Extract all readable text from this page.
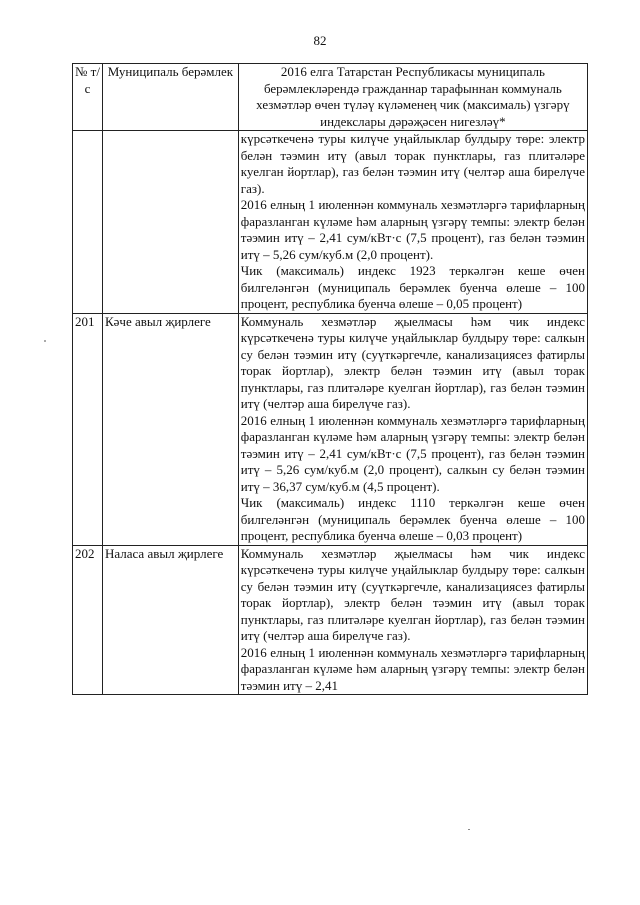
82
№ т/с	Муниципаль берәмлек	2016 елга Татарстан Республикасы муниципаль берәмлекләрендә гражданнар тарафыннан коммуналь хезмәтләр өчен түләү күләменең чик (максималь) үзгәрү индекслары дәрәҗәсен нигезләү*

		күрсәткеченә туры килүче уңайлыклар булдыру төре: электр белән тәэмин итү (авыл торак пунктлары, газ плитәләре куелган йортлар), газ белән тәэмин итү (челтәр аша бирелүче газ).

2016 елның 1 июленнән коммуналь хезмәтләргә тарифларның фаразланган күләме һәм аларның үзгәрү темпы: электр белән тәэмин итү – 2,41 сум/кВт·с (7,5 процент), газ белән тәэмин итү – 5,26 сум/куб.м (2,0 процент).

Чик (максималь) индекс 1923 теркәлгән кеше өчен билгеләнгән (муниципаль берәмлек буенча өлеше – 100 процент, республика буенча өлеше – 0,05 процент)

201	Кәче авыл җирлеге	Коммуналь хезмәтләр җыелмасы һәм чик индекс күрсәткеченә туры килүче уңайлыклар булдыру төре: салкын су белән тәэмин итү (суүткәргечле, канализациясез фатирлы торак йортлар), электр белән тәэмин итү (авыл торак пунктлары, газ плитәләре куелган йортлар), газ белән тәэмин итү (челтәр аша бирелүче газ).

2016 елның 1 июленнән коммуналь хезмәтләргә тарифларның фаразланган күләме һәм аларның үзгәрү темпы: электр белән тәэмин итү – 2,41 сум/кВт·с (7,5 процент), газ белән тәэмин итү – 5,26 сум/куб.м (2,0 процент), салкын су белән тәэмин итү – 36,37 сум/куб.м (4,5 процент).

Чик (максималь) индекс 1110 теркәлгән кеше өчен билгеләнгән (муниципаль берәмлек буенча өлеше – 100 процент, республика буенча өлеше – 0,03 процент)

202	Наласа авыл җирлеге	Коммуналь хезмәтләр җыелмасы һәм чик индекс күрсәткеченә туры килүче уңайлыклар булдыру төре: салкын су белән тәэмин итү (суүткәргечле, канализациясез фатирлы торак йортлар), электр белән тәэмин итү (авыл торак пунктлары, газ плитәләре куелган йортлар), газ белән тәэмин итү (челтәр аша бирелүче газ).

2016 елның 1 июленнән коммуналь хезмәтләргә тарифларның фаразланган күләме һәм аларның үзгәрү темпы: электр белән тәэмин итү – 2,41
